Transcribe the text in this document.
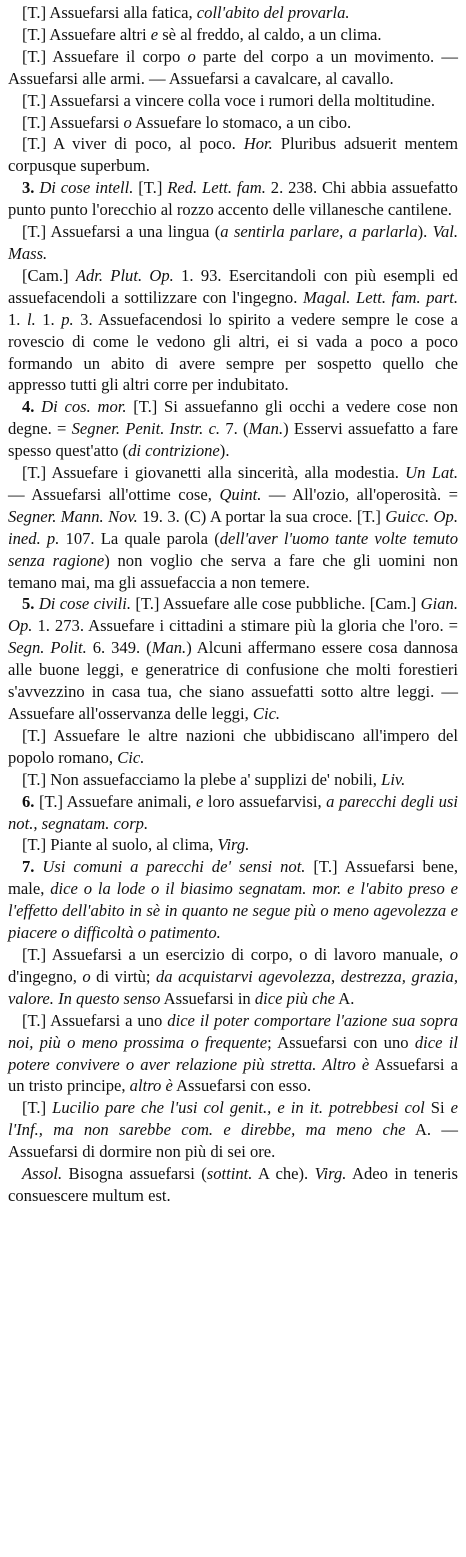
[T.] Assuefarsi alla fatica, coll'abito del provarla.

[T.] Assuefare altri e sè al freddo, al caldo, a un clima.

[T.] Assuefare il corpo o parte del corpo a un movimento. — Assuefarsi alle armi. — Assuefarsi a cavalcare, al cavallo.

[T.] Assuefarsi a vincere colla voce i rumori della moltitudine.

[T.] Assuefarsi o Assuefare lo stomaco, a un cibo.

[T.] A viver di poco, al poco. Hor. Pluribus adsuerit mentem corpusque superbum.

3. Di cose intell. [T.] Red. Lett. fam. 2. 238. Chi abbia assuefatto punto punto l'orecchio al rozzo accento delle villanesche cantilene.

[T.] Assuefarsi a una lingua (a sentirla parlare, a parlarla). Val. Mass.

[Cam.] Adr. Plut. Op. 1. 93. Esercitandoli con più esempli ed assuefacendoli a sottilizzare con l'ingegno. Magal. Lett. fam. part. 1. l. 1. p. 3. Assuefacendosi lo spirito a vedere sempre le cose a rovescio di come le vedono gli altri, ei si vada a poco a poco formando un abito di avere sempre per sospetto quello che appresso tutti gli altri corre per indubitato.

4. Di cos. mor. [T.] Si assuefanno gli occhi a vedere cose non degne. = Segner. Penit. Instr. c. 7. (Man.) Esservi assuefatto a fare spesso quest'atto (di contrizione).

[T.] Assuefare i giovanetti alla sincerità, alla modestia. Un Lat. — Assuefarsi all'ottime cose, Quint. — All'ozio, all'operosità. = Segner. Mann. Nov. 19. 3. (C) A portar la sua croce. [T.] Guicc. Op. ined. p. 107. La quale parola (dell'aver l'uomo tante volte temuto senza ragione) non voglio che serva a fare che gli uomini non temano mai, ma gli assuefaccia a non temere.

5. Di cose civili. [T.] Assuefare alle cose pubbliche. [Cam.] Gian. Op. 1. 273. Assuefare i cittadini a stimare più la gloria che l'oro. = Segn. Polit. 6. 349. (Man.) Alcuni affermano essere cosa dannosa alle buone leggi, e generatrice di confusione che molti forestieri s'avvezzino in casa tua, che siano assuefatti sotto altre leggi. — Assuefare all'osservanza delle leggi, Cic.

[T.] Assuefare le altre nazioni che ubbidiscano all'impero del popolo romano, Cic.

[T.] Non assuefacciamo la plebe a' supplizi de' nobili, Liv.

6. [T.] Assuefare animali, e loro assuefarvisi, a parecchi degli usi not., segnatam. corp.

[T.] Piante al suolo, al clima, Virg.

7. Usi comuni a parecchi de' sensi not. [T.] Assuefarsi bene, male, dice o la lode o il biasimo segnatam. mor. e l'abito preso e l'effetto dell'abito in sè in quanto ne segue più o meno agevolezza e piacere o difficoltà o patimento.

[T.] Assuefarsi a un esercizio di corpo, o di lavoro manuale, o d'ingegno, o di virtù; da acquistarvi agevolezza, destrezza, grazia, valore. In questo senso Assuefarsi in dice più che A.

[T.] Assuefarsi a uno dice il poter comportare l'azione sua sopra noi, più o meno prossima o frequente; Assuefarsi con uno dice il potere convivere o aver relazione più stretta. Altro è Assuefarsi a un tristo principe, altro è Assuefarsi con esso.

[T.] Lucilio pare che l'usi col genit., e in it. potrebbesi col Si e l'Inf., ma non sarebbe com. e direbbe, ma meno che A. — Assuefarsi di dormire non più di sei ore.

Assol. Bisogna assuefarsi (sottint. A che). Virg. Adeo in teneris consuescere multum est.
